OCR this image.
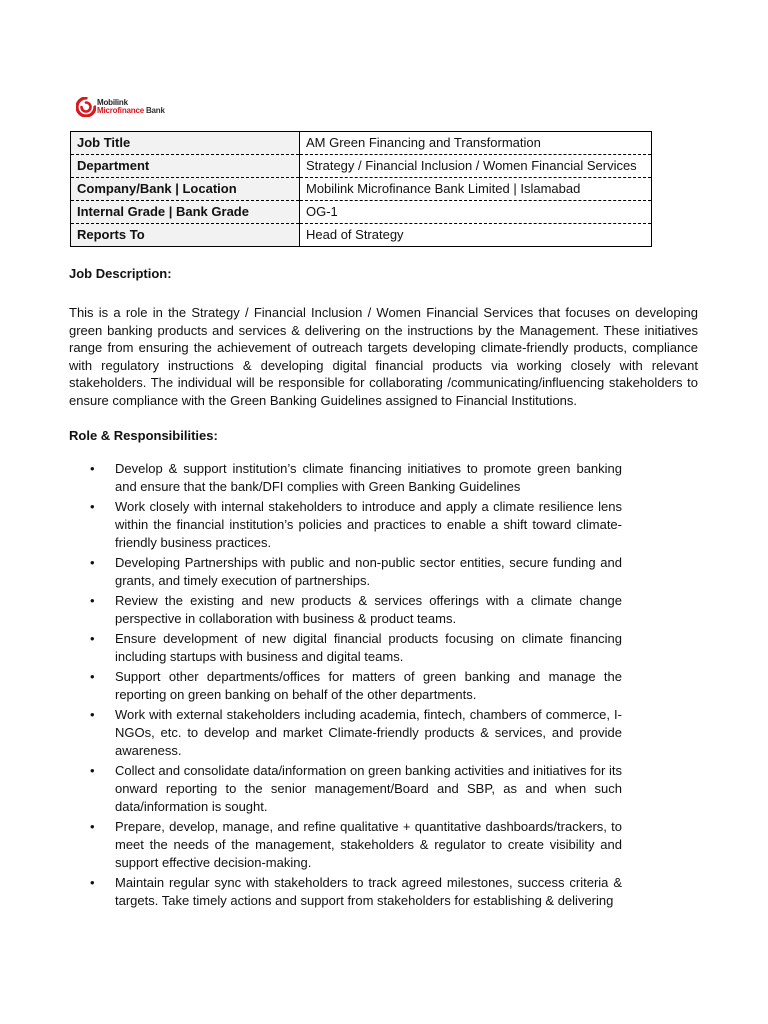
Mobilink
Microfinance Bank
Job Title	AM Green Financing and Transformation
Department	Strategy / Financial Inclusion / Women Financial Services
Company/Bank | Location	Mobilink Microfinance Bank Limited | Islamabad
Internal Grade | Bank Grade	OG-1
Reports To	Head of Strategy
Job Description:

This is a role in the Strategy / Financial Inclusion / Women Financial Services that focuses on developing green banking products and services & delivering on the instructions by the Management. These initiatives range from ensuring the achievement of outreach targets developing climate-friendly products, compliance with regulatory instructions & developing digital financial products via working closely with relevant stakeholders. The individual will be responsible for collaborating /communicating/influencing stakeholders to ensure compliance with the Green Banking Guidelines assigned to Financial Institutions.

Role & Responsibilities:
• Develop & support institution’s climate financing initiatives to promote green banking and ensure that the bank/DFI complies with Green Banking Guidelines
• Work closely with internal stakeholders to introduce and apply a climate resilience lens within the financial institution’s policies and practices to enable a shift toward climate-friendly business practices.
• Developing Partnerships with public and non-public sector entities, secure funding and grants, and timely execution of partnerships.
• Review the existing and new products & services offerings with a climate change perspective in collaboration with business & product teams.
• Ensure development of new digital financial products focusing on climate financing including startups with business and digital teams.
• Support other departments/offices for matters of green banking and manage the reporting on green banking on behalf of the other departments.
• Work with external stakeholders including academia, fintech, chambers of commerce, I-NGOs, etc. to develop and market Climate-friendly products & services, and provide awareness.
• Collect and consolidate data/information on green banking activities and initiatives for its onward reporting to the senior management/Board and SBP, as and when such data/information is sought.
• Prepare, develop, manage, and refine qualitative + quantitative dashboards/trackers, to meet the needs of the management, stakeholders & regulator to create visibility and support effective decision-making.
• Maintain regular sync with stakeholders to track agreed milestones, success criteria & targets. Take timely actions and support from stakeholders for establishing & delivering
